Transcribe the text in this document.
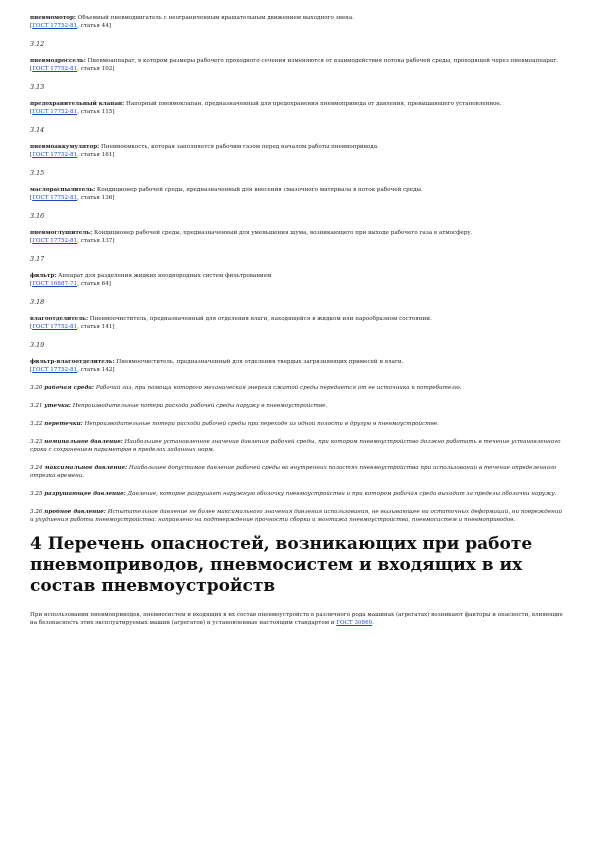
пневмомотор: Объемный пневмодвигатель с неограниченным вращательным движением выходного звена.
[ГОСТ 17752-81, статья 44]

3.12

пневмодроссель: Пневмоаппарат, в котором размеры рабочего проходного сечения изменяются от взаимодействия потока рабочей среды, проходящей через пневмоаппарат.
[ГОСТ 17752-81, статья 102]

3.13

предохранительный клапан: Напорный пневмоклапан, предназначенный для предохранения пневмопривода от давления, превышающего установленное.
[ГОСТ 17752-81, статья 115]

3.14

пневмоаккумулятор: Пневмоемкость, которая заполняется рабочим газом перед началом работы пневмопривода.
[ГОСТ 17752-81, статья 161]

3.15

маслораспылитель: Кондиционер рабочей среды, предназначенный для внесения смазочного материала в поток рабочей среды.
[ГОСТ 17752-81, статья 136]

3.16

пневмоглушитель: Кондиционер рабочей среды, предназначенный для уменьшения шума, возникающего при выходе рабочего газа в атмосферу.
[ГОСТ 17752-81, статья 137]

3.17

фильтр: Аппарат для разделения жидких неоднородных систем фильтрованием
[ГОСТ 16887-71, статья 64]

3.18

влагоотделитель: Пневмоочиститель, предназначенный для отделения влаги, находящейся в жидком или парообразном состоянии.
[ГОСТ 17752-81, статья 141]

3.19

фильтр-влагоотделитель: Пневмоочиститель, предназначенный для отделения твердых загрязняющих примесей и влаги.
[ГОСТ 17752-81, статья 142]

3.20 рабочая среда: Рабочий газ, при помощи которого механическая энергия сжатой среды передается от ее источника к потребителю.

3.21 утечки: Непроизводительные потери расхода рабочей среды наружу в пневмоустройстве.

3.22 перетечки: Непроизводительные потери расхода рабочей среды при переходе из одной полости в другую в пневмоустройстве.

3.23 номинальное давление: Наибольшее установленное значение давления рабочей среды, при котором пневмоустройство должно работать в течение установленного срока с сохранением параметров в пределах заданных норм.

3.24 максимальное давление: Наибольшее допустимое давление рабочей среды во внутренних полостях пневмоустройства при использовании в течение определенного отрезка времени.

3.25 разрушающее давление: Давление, которое разрушает наружную оболочку пневмоустройства и при котором рабочая среда выходит за пределы оболочки наружу.

3.26 пробное давление: Испытательное давление не более максимального значения давления использования, не вызывающее ни остаточных деформаций, ни повреждений и ухудшения работы пневмоустройства; направлено на подтверждение прочности сборки и монтажа пневмоустройства, пневмосистем и пневмоприводов.

4 Перечень опасностей, возникающих при работе пневмоприводов, пневмосистем и входящих в их состав пневмоустройств

При использовании пневмоприводов, пневмосистем и входящих в их состав пневмоустройств в различного рода машинах (агрегатах) возникают факторы и опасности, влияющие на безопасность этих эксплуатируемых машин (агрегатов) и установленные настоящим стандартом и ГОСТ 30869.
